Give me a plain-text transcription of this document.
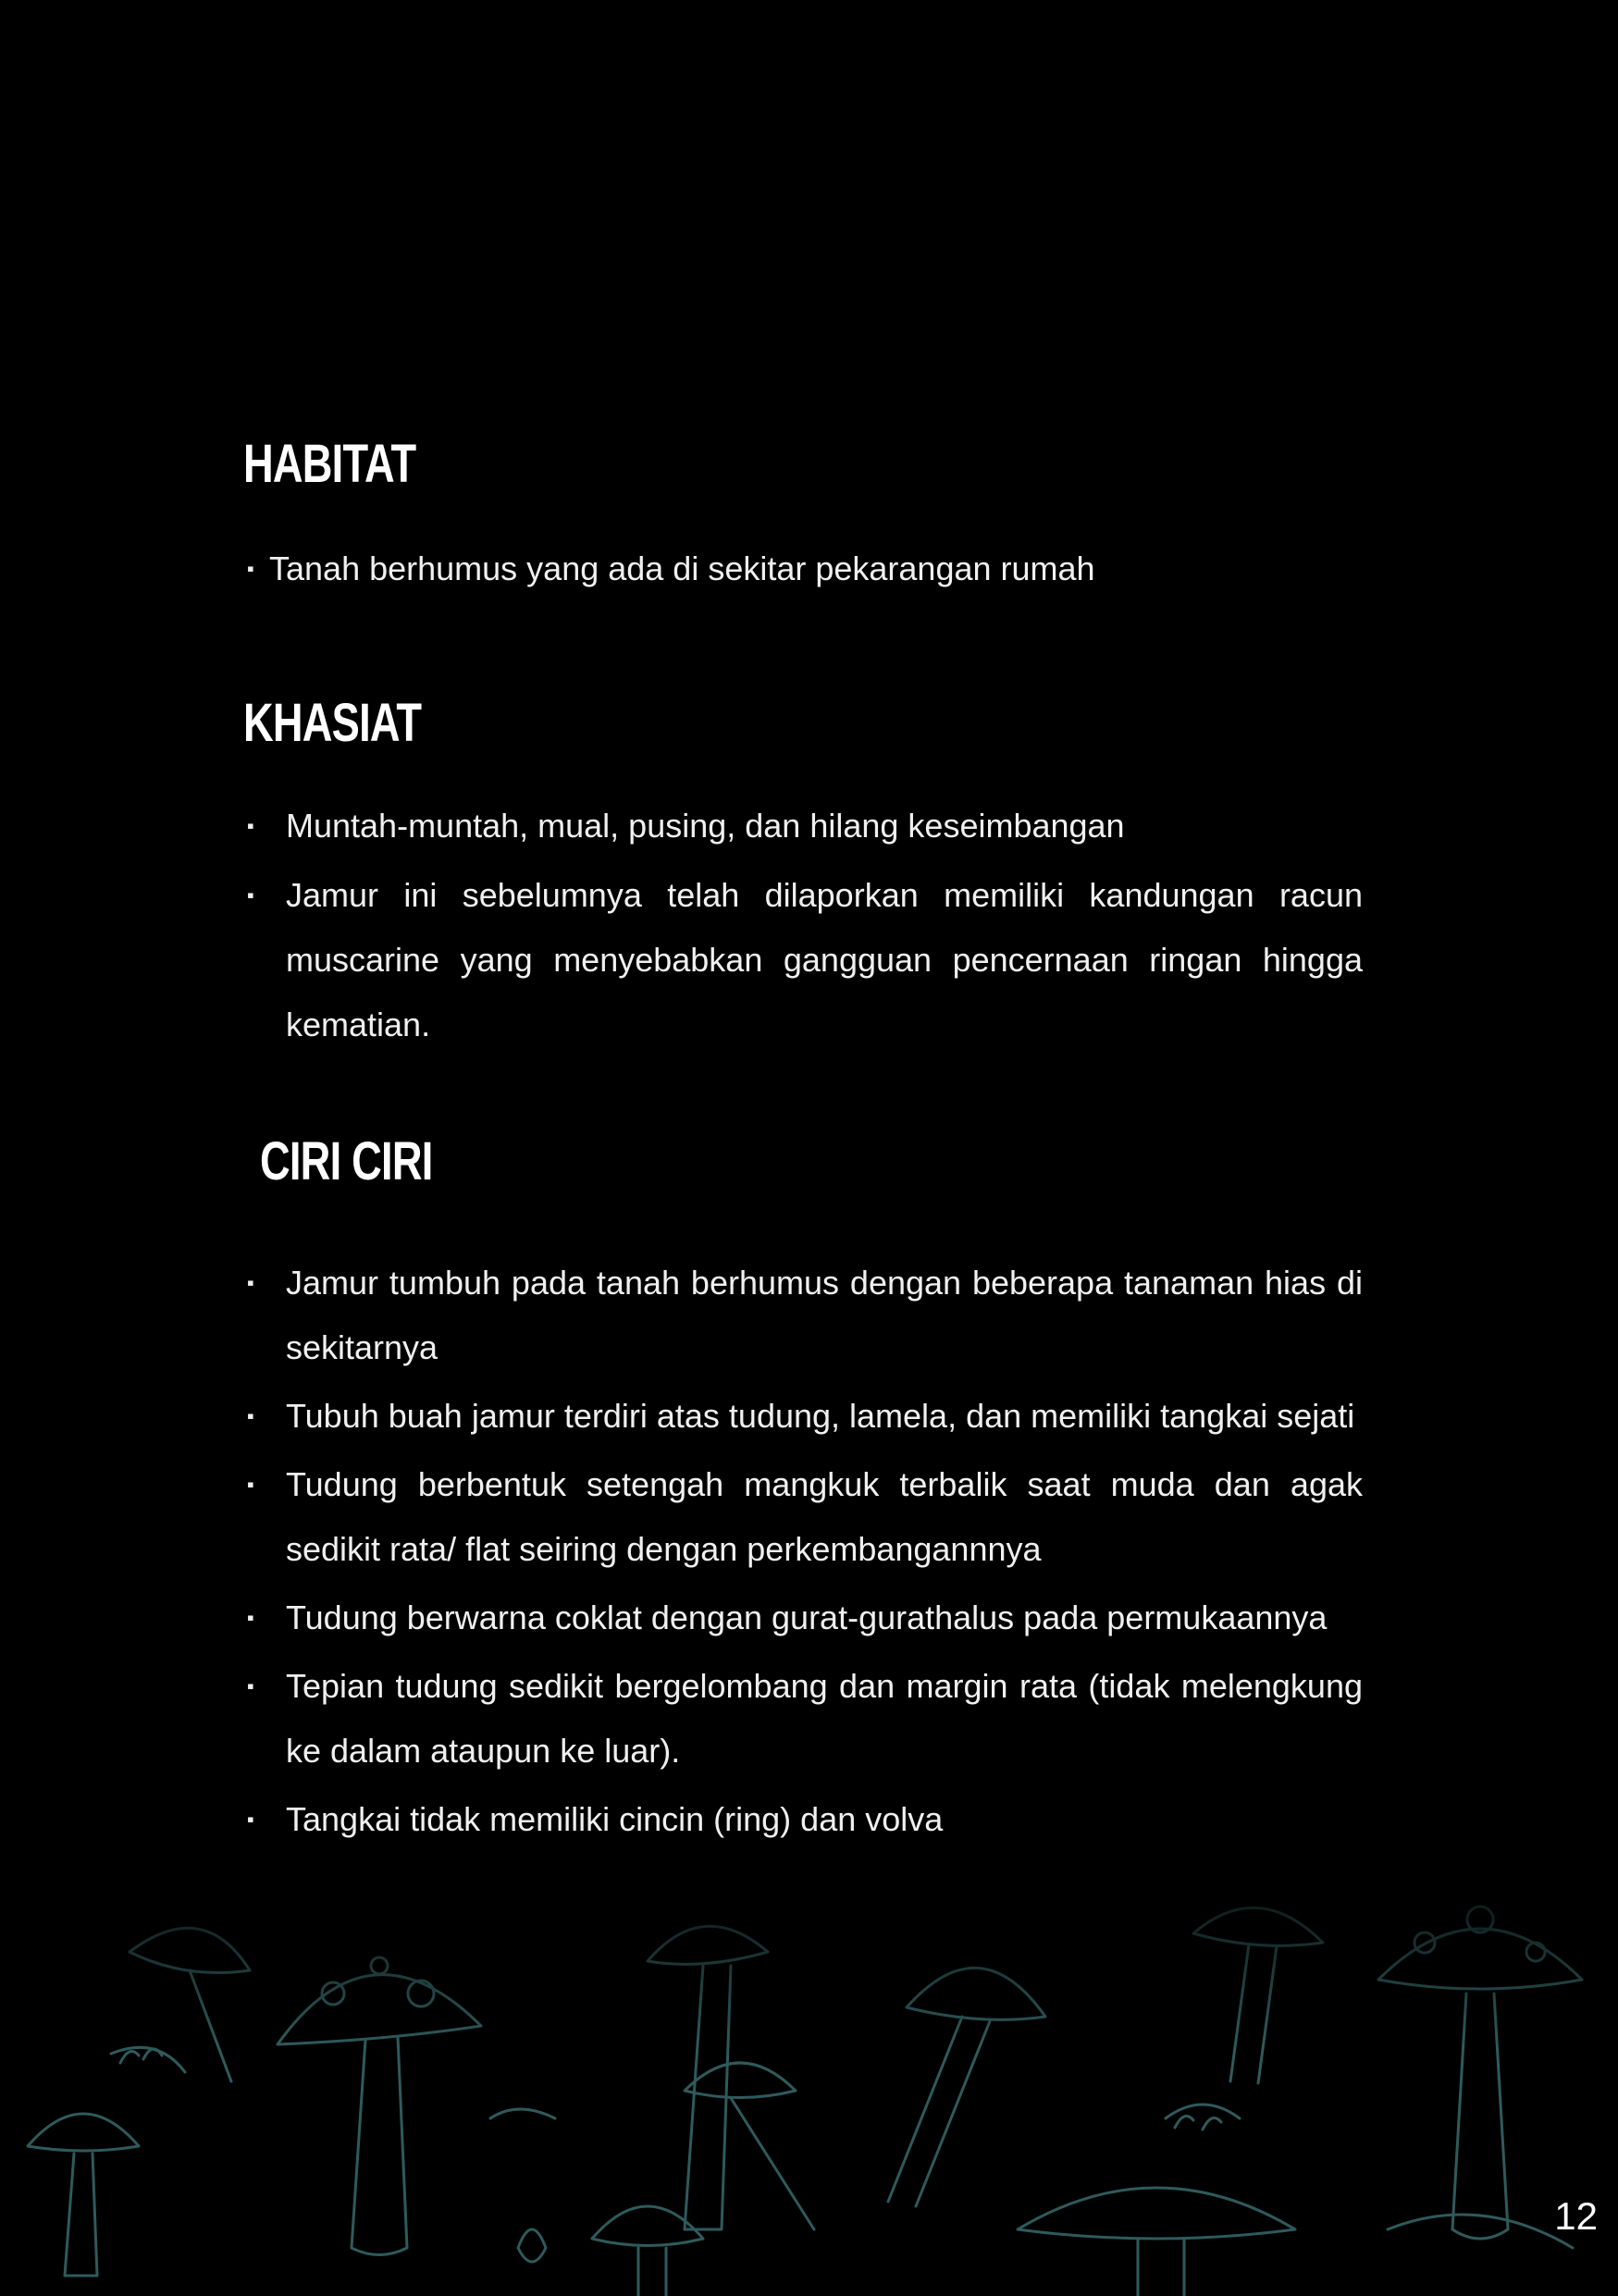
HABITAT
▪ Tanah berhumus yang ada di sekitar pekarangan rumah
KHASIAT
▪ Muntah-muntah, mual, pusing, dan hilang keseimbangan
▪ Jamur ini sebelumnya telah dilaporkan memiliki kandungan racun muscarine yang menyebabkan gangguan pencernaan ringan hingga kematian.
CIRI CIRI
▪ Jamur tumbuh pada tanah berhumus dengan beberapa tanaman hias di sekitarnya
▪ Tubuh buah jamur terdiri atas tudung, lamela, dan memiliki tangkai sejati
▪ Tudung berbentuk setengah mangkuk terbalik saat muda dan agak sedikit rata/ flat seiring dengan perkembangannnya
▪ Tudung berwarna coklat dengan gurat-gurathalus pada permukaannya
▪ Tepian tudung sedikit bergelombang dan margin rata (tidak melengkung ke dalam ataupun ke luar).
▪ Tangkai tidak memiliki cincin (ring) dan volva
12
